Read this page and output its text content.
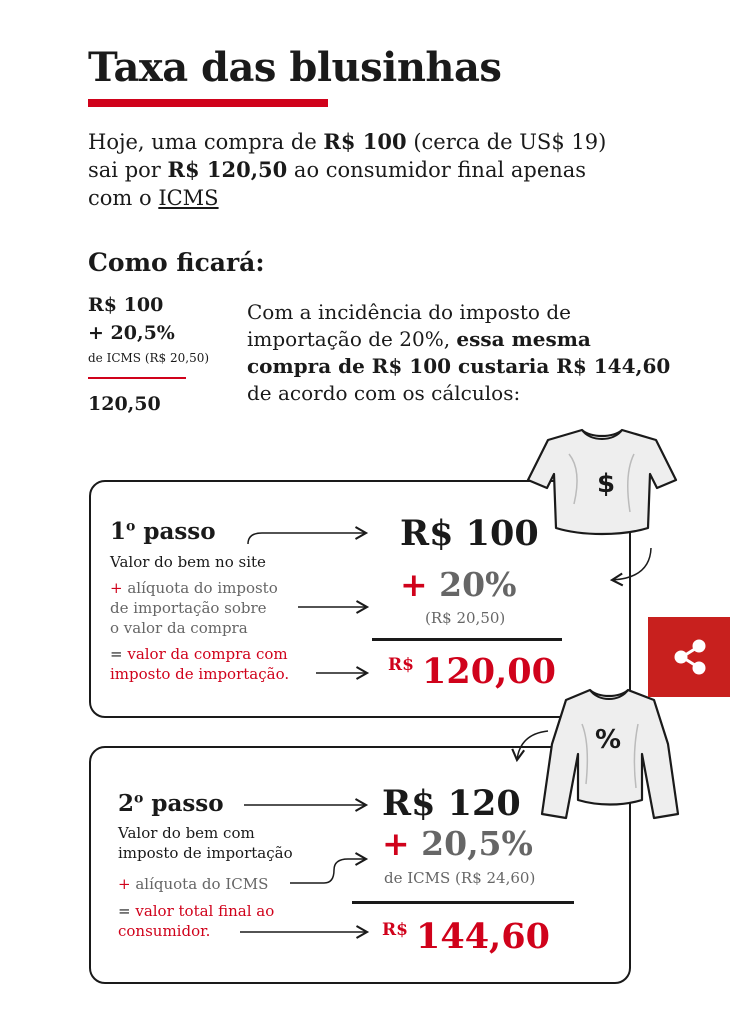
Taxa das blusinhas

Hoje, uma compra de R$ 100 (cerca de US$ 19)
sai por R$ 120,50 ao consumidor final apenas
com o ICMS

Como ficará:
R$ 100
+ 20,5%
de ICMS (R$ 20,50)
120,50
Com a incidência do imposto de
importação de 20%, essa mesma
compra de R$ 100 custaria R$ 144,60
de acordo com os cálculos:
1$^o$ passo
Valor do bem no site
+ alíquota do imposto
de importação sobre
o valor da compra
= valor da compra com
imposto de importação.
R$ 100
+ 20%
(R$ 20,50)
R$ 120,00
2$^o$ passo
Valor do bem com
imposto de importação
+ alíquota do ICMS
= valor total final ao
consumidor.
R$ 120
+ 20,5%
de ICMS (R$ 24,60)
R$ 144,60
$
%
